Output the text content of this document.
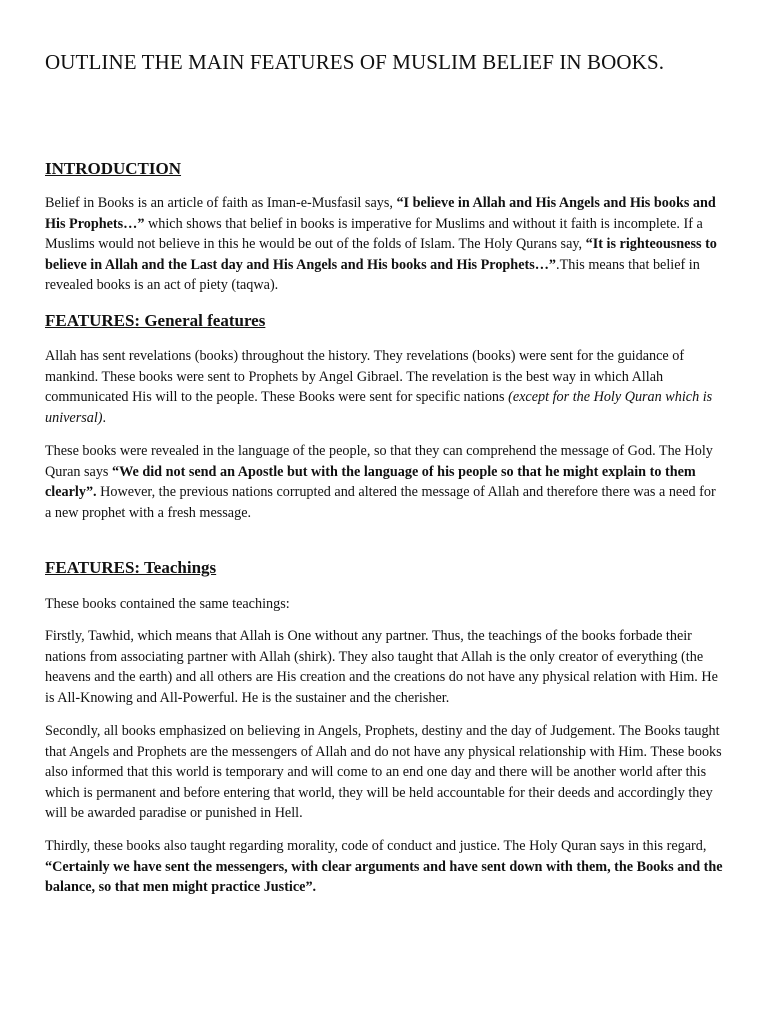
OUTLINE THE MAIN FEATURES OF MUSLIM BELIEF IN BOOKS.
INTRODUCTION

Belief in Books is an article of faith as Iman-e-Musfasil says, “I believe in Allah and His Angels and His books and His Prophets…” which shows that belief in books is imperative for Muslims and without it faith is incomplete. If a Muslims would not believe in this he would be out of the folds of Islam. The Holy Qurans say, “It is righteousness to believe in Allah and the Last day and His Angels and His books and His Prophets…”.This means that belief in revealed books is an act of piety (taqwa).

FEATURES: General features

Allah has sent revelations (books) throughout the history. They revelations (books) were sent for the guidance of mankind. These books were sent to Prophets by Angel Gibrael. The revelation is the best way in which Allah communicated His will to the people. These Books were sent for specific nations (except for the Holy Quran which is universal).

These books were revealed in the language of the people, so that they can comprehend the message of God. The Holy Quran says “We did not send an Apostle but with the language of his people so that he might explain to them clearly”. However, the previous nations corrupted and altered the message of Allah and therefore there was a need for a new prophet with a fresh message.

FEATURES: Teachings

These books contained the same teachings:

Firstly, Tawhid, which means that Allah is One without any partner. Thus, the teachings of the books forbade their nations from associating partner with Allah (shirk). They also taught that Allah is the only creator of everything (the heavens and the earth) and all others are His creation and the creations do not have any physical relation with Him. He is All-Knowing and All-Powerful. He is the sustainer and the cherisher.

Secondly, all books emphasized on believing in Angels, Prophets, destiny and the day of Judgement. The Books taught that Angels and Prophets are the messengers of Allah and do not have any physical relationship with Him. These books also informed that this world is temporary and will come to an end one day and there will be another world after this which is permanent and before entering that world, they will be held accountable for their deeds and accordingly they will be awarded paradise or punished in Hell.

Thirdly, these books also taught regarding morality, code of conduct and justice. The Holy Quran says in this regard, “Certainly we have sent the messengers, with clear arguments and have sent down with them, the Books and the balance, so that men might practice Justice”.
